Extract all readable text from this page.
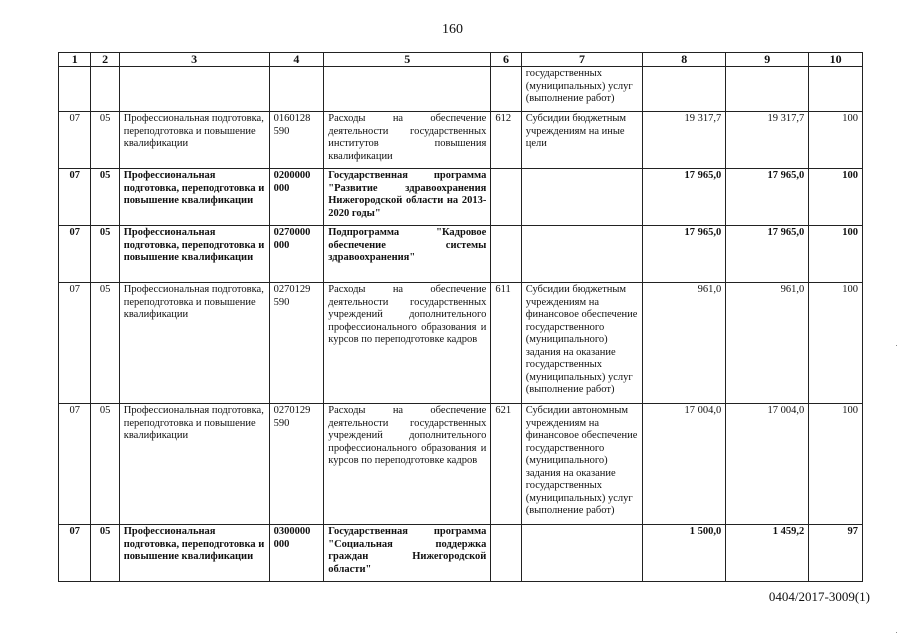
160
1	2	3	4	5	6	7	8	9	10
						государственных (муниципальных) услуг (выполнение работ)			
07	05	Профессиональная подготовка, переподготовка и повышение квалификации	0160128 590	Расходы на обеспечение деятельности государственных институтов повышения квалификации	612	Субсидии бюджетным учреждениям на иные цели	19 317,7	19 317,7	100
07	05	Профессиональная подготовка, переподготовка и повышение квалификации	0200000 000	Государственная программа "Развитие здравоохранения Нижегородской области на 2013-2020 годы"			17 965,0	17 965,0	100
07	05	Профессиональная подготовка, переподготовка и повышение квалификации	0270000 000	Подпрограмма "Кадровое обеспечение системы здравоохранения"			17 965,0	17 965,0	100
07	05	Профессиональная подготовка, переподготовка и повышение квалификации	0270129 590	Расходы на обеспечение деятельности государственных учреждений дополнительного профессионального образования и курсов по переподготовке кадров	611	Субсидии бюджетным учреждениям на финансовое обеспечение государственного (муниципального) задания на оказание государственных (муниципальных) услуг (выполнение работ)	961,0	961,0	100
07	05	Профессиональная подготовка, переподготовка и повышение квалификации	0270129 590	Расходы на обеспечение деятельности государственных учреждений дополнительного профессионального образования и курсов по переподготовке кадров	621	Субсидии автономным учреждениям на финансовое обеспечение государственного (муниципального) задания на оказание государственных (муниципальных) услуг (выполнение работ)	17 004,0	17 004,0	100
07	05	Профессиональная подготовка, переподготовка и повышение квалификации	0300000 000	Государственная программа "Социальная поддержка граждан Нижегородской области"			1 500,0	1 459,2	97
0404/2017-3009(1)
